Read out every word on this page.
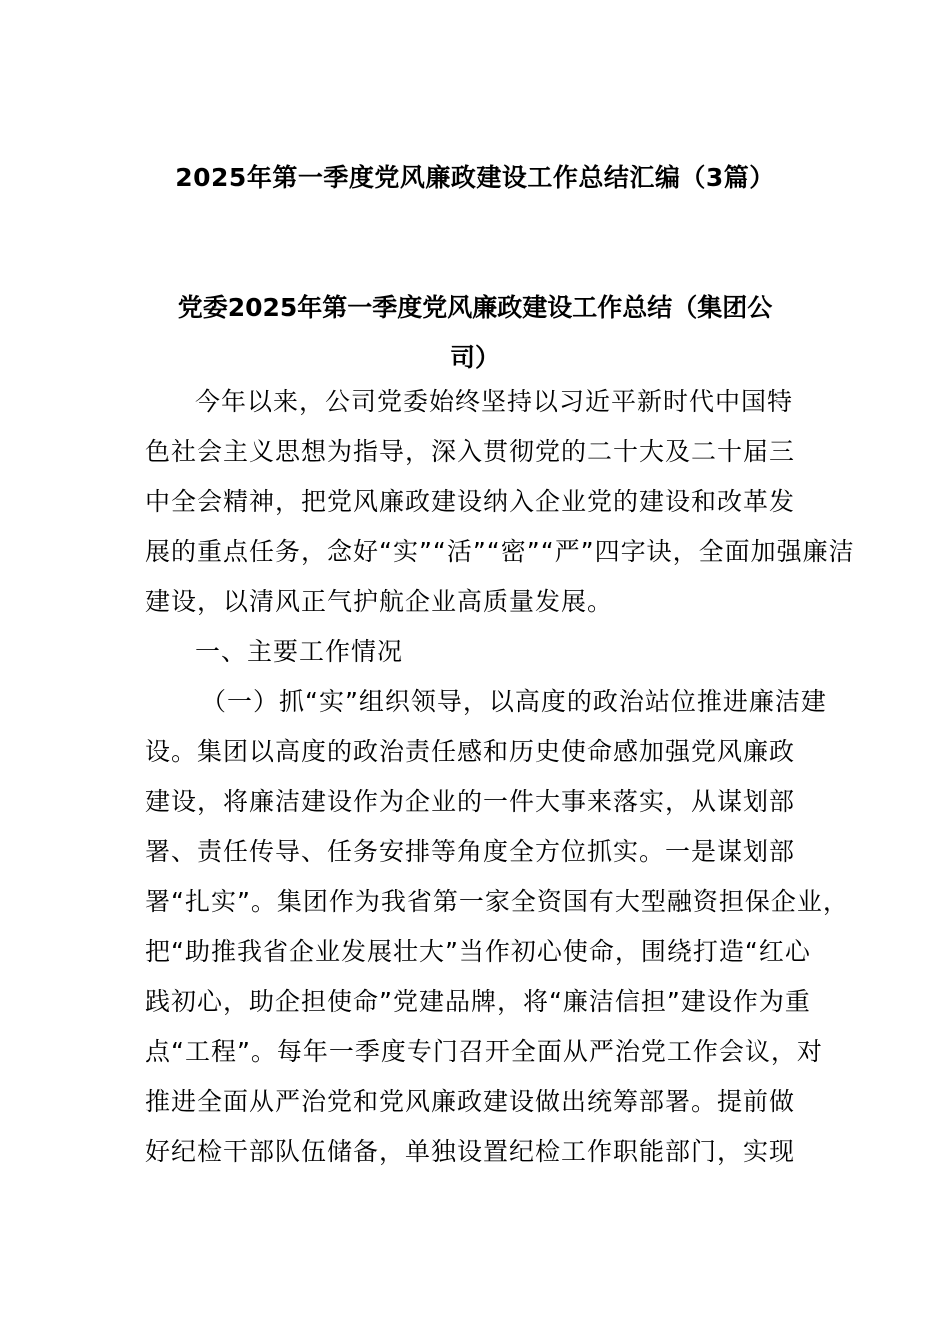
2025年第一季度党风廉政建设工作总结汇编（3篇）
党委2025年第一季度党风廉政建设工作总结（集团公
司）

今年以来，公司党委始终坚持以习近平新时代中国特

色社会主义思想为指导，深入贯彻党的二十大及二十届三

中全会精神，把党风廉政建设纳入企业党的建设和改革发

展的重点任务，念好“实”“活”“密”“严”四字诀，全面加强廉洁

建设，以清风正气护航企业高质量发展。

一、主要工作情况

（一）抓“实”组织领导，以高度的政治站位推进廉洁建

设。集团以高度的政治责任感和历史使命感加强党风廉政

建设，将廉洁建设作为企业的一件大事来落实，从谋划部

署、责任传导、任务安排等角度全方位抓实。一是谋划部

署“扎实”。集团作为我省第一家全资国有大型融资担保企业，

把“助推我省企业发展壮大”当作初心使命，围绕打造“红心

践初心，助企担使命”党建品牌，将“廉洁信担”建设作为重

点“工程”。每年一季度专门召开全面从严治党工作会议，对

推进全面从严治党和党风廉政建设做出统筹部署。提前做

好纪检干部队伍储备，单独设置纪检工作职能部门，实现
